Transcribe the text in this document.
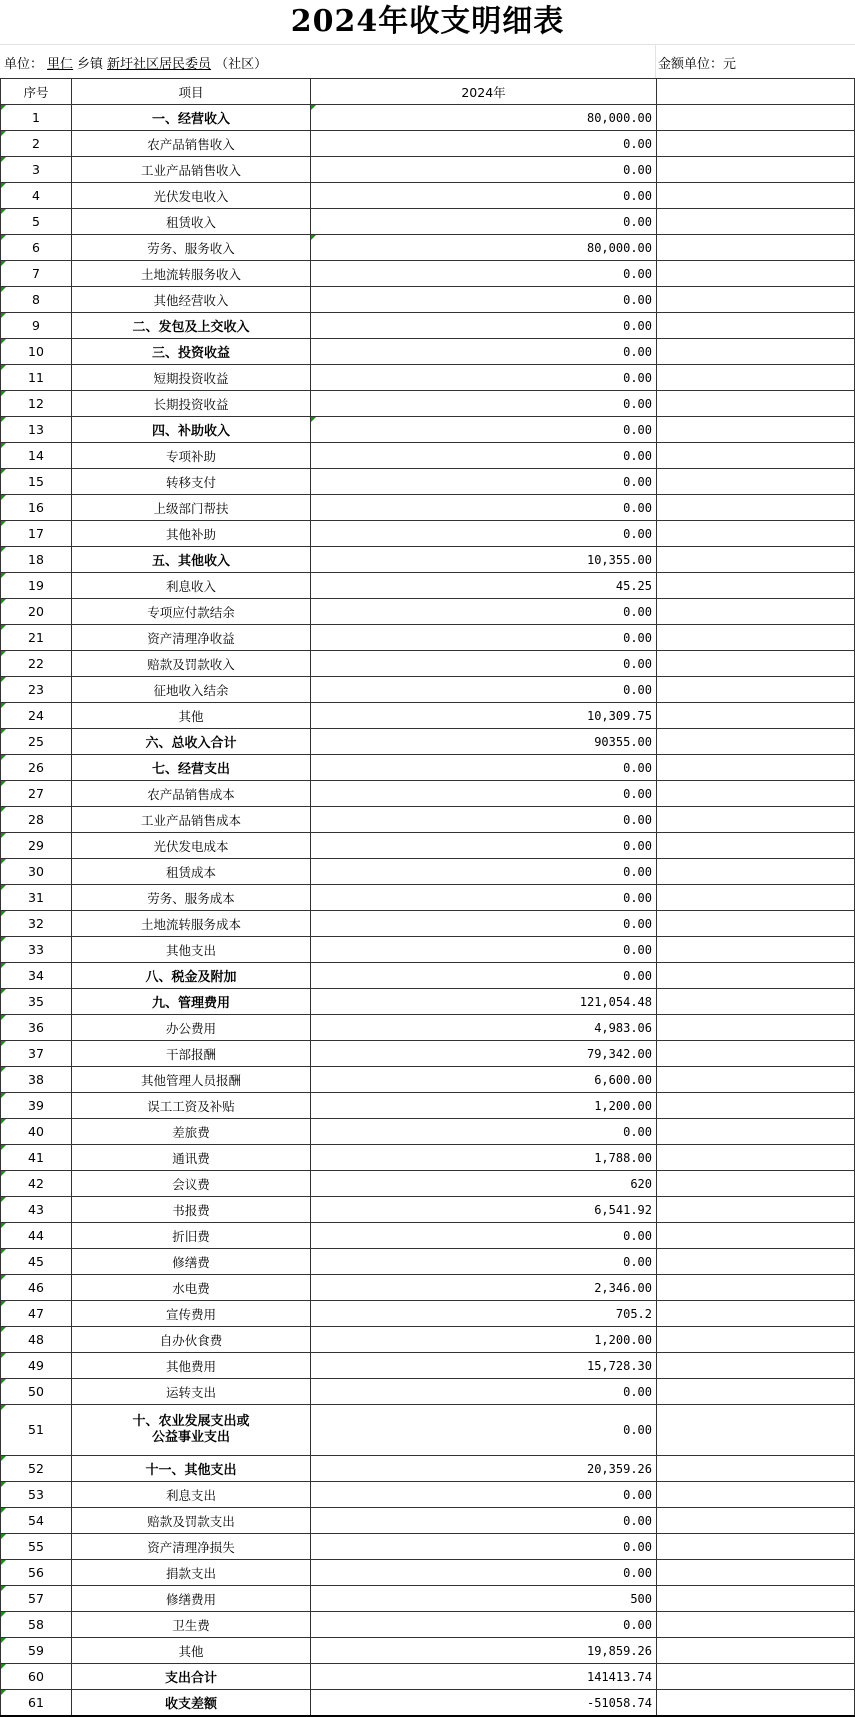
2024年收支明细表
单位： 里仁 乡镇 新圩社区居民委员 （社区）	金额单位：元
序号	项目	2024年	

1	一、经营收入	80,000.00	

2	农产品销售收入	0.00	

3	工业产品销售收入	0.00	

4	光伏发电收入	0.00	

5	租赁收入	0.00	

6	劳务、服务收入	80,000.00	

7	土地流转服务收入	0.00	

8	其他经营收入	0.00	

9	二、发包及上交收入	0.00	

10	三、投资收益	0.00	

11	短期投资收益	0.00	

12	长期投资收益	0.00	

13	四、补助收入	0.00	

14	专项补助	0.00	

15	转移支付	0.00	

16	上级部门帮扶	0.00	

17	其他补助	0.00	

18	五、其他收入	10,355.00	

19	利息收入	45.25	

20	专项应付款结余	0.00	

21	资产清理净收益	0.00	

22	赔款及罚款收入	0.00	

23	征地收入结余	0.00	

24	其他	10,309.75	

25	六、总收入合计	90355.00	

26	七、经营支出	0.00	

27	农产品销售成本	0.00	

28	工业产品销售成本	0.00	

29	光伏发电成本	0.00	

30	租赁成本	0.00	

31	劳务、服务成本	0.00	

32	土地流转服务成本	0.00	

33	其他支出	0.00	

34	八、税金及附加	0.00	

35	九、管理费用	121,054.48	

36	办公费用	4,983.06	

37	干部报酬	79,342.00	

38	其他管理人员报酬	6,600.00	

39	误工工资及补贴	1,200.00	

40	差旅费	0.00	

41	通讯费	1,788.00	

42	会议费	620	

43	书报费	6,541.92	

44	折旧费	0.00	

45	修缮费	0.00	

46	水电费	2,346.00	

47	宣传费用	705.2	

48	自办伙食费	1,200.00	

49	其他费用	15,728.30	

50	运转支出	0.00	

51	十、农业发展支出或
公益事业支出	0.00	

52	十一、其他支出	20,359.26	

53	利息支出	0.00	

54	赔款及罚款支出	0.00	

55	资产清理净损失	0.00	

56	捐款支出	0.00	

57	修缮费用	500	

58	卫生费	0.00	

59	其他	19,859.26	

60	支出合计	141413.74	

61	收支差额	-51058.74	
